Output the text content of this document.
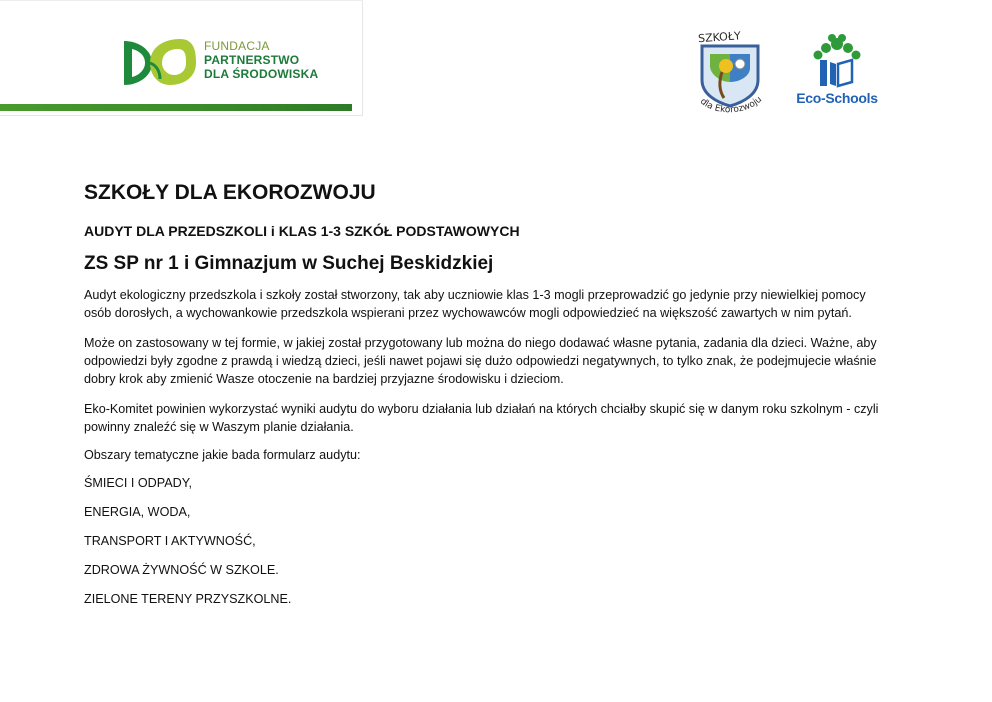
FUNDACJA
PARTNERSTWO
DLA ŚRODOWISKA
SZKOŁY
dla Ekorozwoju	Eco-Schools
SZKOŁY DLA EKOROZWOJU
AUDYT DLA PRZEDSZKOLI i KLAS 1-3 SZKÓŁ PODSTAWOWYCH
ZS SP nr 1 i Gimnazjum w Suchej Beskidzkiej

Audyt ekologiczny przedszkola i szkoły został stworzony, tak aby uczniowie klas 1-3 mogli przeprowadzić go jedynie przy niewielkiej pomocy osób dorosłych, a wychowankowie przedszkola wspierani przez wychowawców mogli odpowiedzieć na większość zawartych w nim pytań.

Może on zastosowany w tej formie, w jakiej został przygotowany lub można do niego dodawać własne pytania, zadania dla dzieci. Ważne, aby odpowiedzi były zgodne z prawdą i wiedzą dzieci, jeśli nawet pojawi się dużo odpowiedzi negatywnych, to tylko znak, że podejmujecie właśnie dobry krok aby zmienić Wasze otoczenie na bardziej przyjazne środowisku i dzieciom.

Eko-Komitet powinien wykorzystać wyniki audytu do wyboru działania lub działań na których chciałby skupić się w danym roku szkolnym - czyli powinny znaleźć się w Waszym planie działania.

Obszary tematyczne jakie bada formularz audytu:

ŚMIECI I ODPADY,
ENERGIA, WODA,
TRANSPORT I AKTYWNOŚĆ,
ZDROWA ŻYWNOŚĆ W SZKOLE.
ZIELONE TERENY PRZYSZKOLNE.
